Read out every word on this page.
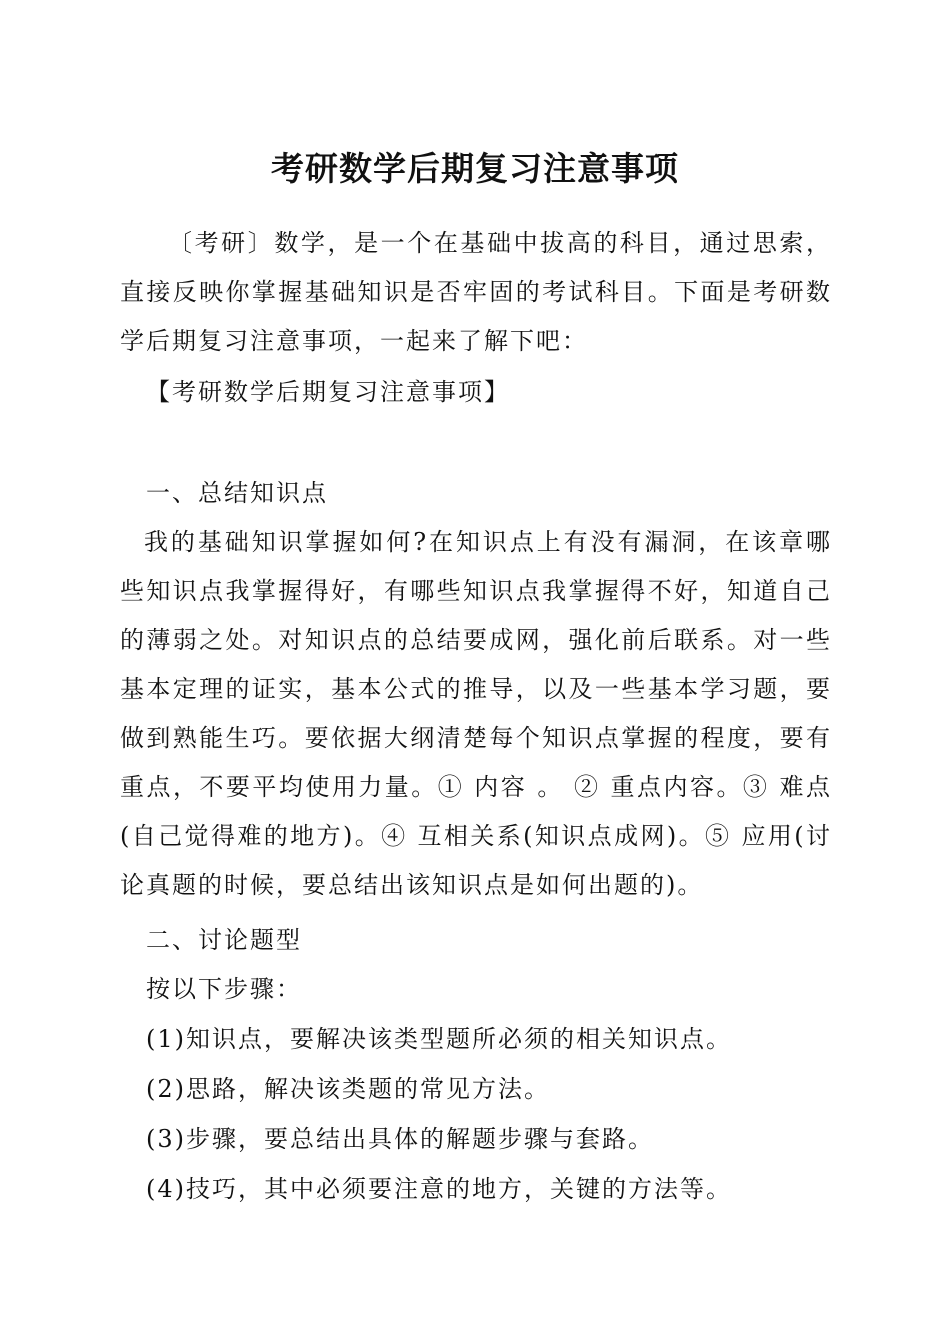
考研数学后期复习注意事项
〔考研〕数学，是一个在基础中拔高的科目，通过思索，直接反映你掌握基础知识是否牢固的考试科目。下面是考研数学后期复习注意事项，一起来了解下吧：
【考研数学后期复习注意事项】
一、总结知识点
我的基础知识掌握如何?在知识点上有没有漏洞，在该章哪些知识点我掌握得好，有哪些知识点我掌握得不好，知道自己的薄弱之处。对知识点的总结要成网，强化前后联系。对一些基本定理的证实，基本公式的推导，以及一些基本学习题，要做到熟能生巧。要依据大纲清楚每个知识点掌握的程度，要有重点，不要平均使用力量。① 内容 。 ② 重点内容。③ 难点(自己觉得难的地方)。④ 互相关系(知识点成网)。⑤ 应用(讨论真题的时候，要总结出该知识点是如何出题的)。
二、讨论题型
按以下步骤：
(1)知识点，要解决该类型题所必须的相关知识点。
(2)思路，解决该类题的常见方法。
(3)步骤，要总结出具体的解题步骤与套路。
(4)技巧，其中必须要注意的地方，关键的方法等。
